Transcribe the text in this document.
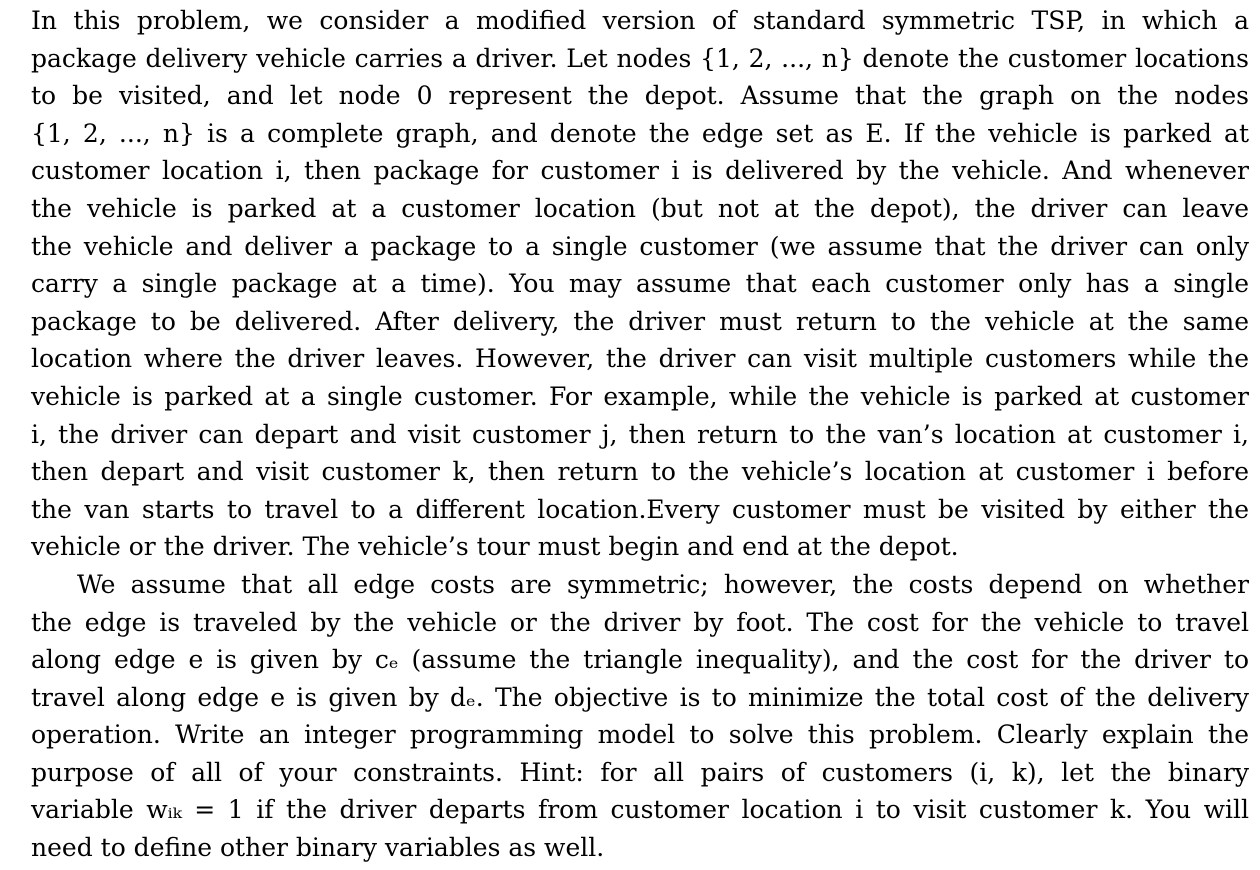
In this problem, we consider a modified version of standard symmetric TSP, in which a
package delivery vehicle carries a driver. Let nodes {1, 2, ..., n} denote the customer locations
to be visited, and let node 0 represent the depot. Assume that the graph on the nodes
{1, 2, ..., n} is a complete graph, and denote the edge set as E. If the vehicle is parked at
customer location i, then package for customer i is delivered by the vehicle. And whenever
the vehicle is parked at a customer location (but not at the depot), the driver can leave
the vehicle and deliver a package to a single customer (we assume that the driver can only
carry a single package at a time). You may assume that each customer only has a single
package to be delivered. After delivery, the driver must return to the vehicle at the same
location where the driver leaves. However, the driver can visit multiple customers while the
vehicle is parked at a single customer. For example, while the vehicle is parked at customer
i, the driver can depart and visit customer j, then return to the van’s location at customer i,
then depart and visit customer k, then return to the vehicle’s location at customer i before
the van starts to travel to a different location.Every customer must be visited by either the
vehicle or the driver. The vehicle’s tour must begin and end at the depot.

We assume that all edge costs are symmetric; however, the costs depend on whether
the edge is traveled by the vehicle or the driver by foot. The cost for the vehicle to travel
along edge e is given by cₑ (assume the triangle inequality), and the cost for the driver to
travel along edge e is given by dₑ. The objective is to minimize the total cost of the delivery
operation. Write an integer programming model to solve this problem. Clearly explain the
purpose of all of your constraints. Hint: for all pairs of customers (i, k), let the binary
variable wᵢₖ = 1 if the driver departs from customer location i to visit customer k. You will
need to define other binary variables as well.
